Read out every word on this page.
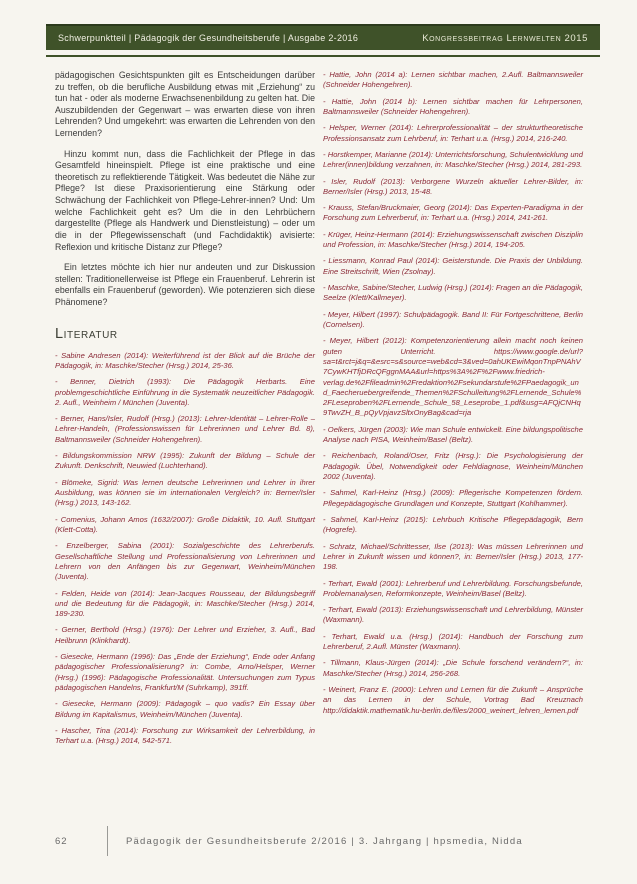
Schwerpunktteil | Pädagogik der Gesundheitsberufe | Ausgabe 2-2016	Kongressbeitrag Lernwelten 2015
pädagogischen Gesichtspunkten gilt es Entscheidungen darüber zu treffen, ob die berufliche Ausbildung etwas mit „Erziehung“ zu tun hat - oder als moderne Erwachsenenbildung zu gelten hat. Die Auszubildenden der Gegenwart – was erwarten diese von ihren Lehrenden? Und umgekehrt: was erwarten die Lehrenden von den Lernenden?
Hinzu kommt nun, dass die Fachlichkeit der Pflege in das Gesamtfeld hineinspielt. Pflege ist eine praktische und eine theoretisch zu reflektierende Tätigkeit. Was bedeutet die Nähe zur Pflege? Ist diese Praxisorientierung eine Stärkung oder Schwächung der Fachlichkeit von Pflege-Lehrer-innen? Und: Um welche Fachlichkeit geht es? Um die in den Lehrbüchern dargestellte (Pflege als Handwerk und Dienstleistung) – oder um die in der Pflegewissenschaft (und Fachdidaktik) avisierte: Reflexion und kritische Distanz zur Pflege?
Ein letztes möchte ich hier nur andeuten und zur Diskussion stellen: Traditionellerweise ist Pflege ein Frauenberuf. Lehrerin ist ebenfalls ein Frauenberuf (geworden). Wie potenzieren sich diese Phänomene?
Literatur
- Sabine Andresen (2014): Weiterführend ist der Blick auf die Brüche der Pädagogik, in: Maschke/Stecher (Hrsg.) 2014, 25-36.
- Benner, Dietrich (1993): Die Pädagogik Herbarts. Eine problemgeschichtliche Einführung in die Systematik neuzeitlicher Pädagogik. 2. Aufl., Weinheim / München (Juventa).
- Berner, Hans/Isler, Rudolf (Hrsg.) (2013): Lehrer-Identität – Lehrer-Rolle – Lehrer-Handeln, (Professionswissen für Lehrerinnen und Lehrer Bd. 8), Baltmannsweiler (Schneider Hohengehren).
- Bildungskommission NRW (1995): Zukunft der Bildung – Schule der Zukunft. Denkschrift, Neuwied (Luchterhand).
- Blömeke, Sigrid: Was lernen deutsche Lehrerinnen und Lehrer in ihrer Ausbildung, was können sie im internationalen Vergleich? in: Berner/Isler (Hrsg.) 2013, 143-162.
- Comenius, Johann Amos (1632/2007): Große Didaktik, 10. Aufl. Stuttgart (Klett-Cotta).
- Enzelberger, Sabina (2001): Sozialgeschichte des Lehrerberufs. Gesellschaftliche Stellung und Professionalisierung von Lehrerinnen und Lehrern von den Anfängen bis zur Gegenwart, Weinheim/München (Juventa).
- Felden, Heide von (2014): Jean-Jacques Rousseau, der Bildungsbegriff und die Bedeutung für die Pädagogik, in: Maschke/Stecher (Hrsg.) 2014, 189-230.
- Gerner, Berthold (Hrsg.) (1976): Der Lehrer und Erzieher, 3. Aufl., Bad Heilbrunn (Klinkhardt).
- Giesecke, Hermann (1996): Das „Ende der Erziehung“, Ende oder Anfang pädagogischer Professionalisierung? in: Combe, Arno/Helsper, Werner (Hrsg.) (1996): Pädagogische Professionalität. Untersuchungen zum Typus pädagogischen Handelns, Frankfurt/M (Suhrkamp), 391ff.
- Giesecke, Hermann (2009): Pädagogik – quo vadis? Ein Essay über Bildung im Kapitalismus, Weinheim/München (Juventa).
- Hascher, Tina (2014): Forschung zur Wirksamkeit der Lehrerbildung, in Terhart u.a. (Hrsg.) 2014, 542-571.
- Hattie, John (2014 a): Lernen sichtbar machen, 2.Aufl. Baltmannsweiler (Schneider Hohengehren).
- Hattie, John (2014 b): Lernen sichtbar machen für Lehrpersonen, Baltmannsweiler (Schneider Hohengehren).
- Helsper, Werner (2014): Lehrerprofessionalität – der strukturtheoretische Professionsansatz zum Lehrberuf, in: Terhart u.a. (Hrsg.) 2014, 216-240.
- Horstkemper, Marianne (2014): Unterrichtsforschung, Schulentwicklung und Lehrer(innen)bildung verzahnen, in: Maschke/Stecher (Hrsg.) 2014, 281-293.
- Isler, Rudolf (2013): Verborgene Wurzeln aktueller Lehrer-Bilder, in: Berner/Isler (Hrsg.) 2013, 15-48.
- Krauss, Stefan/Bruckmaier, Georg (2014): Das Experten-Paradigma in der Forschung zum Lehrerberuf, in: Terhart u.a. (Hrsg.) 2014, 241-261.
- Krüger, Heinz-Hermann (2014): Erziehungswissenschaft zwischen Disziplin und Profession, in: Maschke/Stecher (Hrsg.) 2014, 194-205.
- Liessmann, Konrad Paul (2014): Geisterstunde. Die Praxis der Unbildung. Eine Streitschrift, Wien (Zsolnay).
- Maschke, Sabine/Stecher, Ludwig (Hrsg.) (2014): Fragen an die Pädagogik, Seelze (Klett/Kallmeyer).
- Meyer, Hilbert (1997): Schulpädagogik. Band II: Für Fortgeschrittene, Berlin (Cornelsen).
- Meyer, Hilbert (2012): Kompetenzorientierung allein macht noch keinen guten Unterricht. https://www.google.de/url?sa=t&rct=j&q=&esrc=s&source=web&cd=3&ved=0ahUKEwiMqonTnpPNAhV7CywKHTfjDRcQFggnMAA&url=https%3A%2F%2Fwww.friedrich-verlag.de%2Ffileadmin%2Fredaktion%2Fsekundarstufe%2FPaedagogik_und_Faecheruebergreifende_Themen%2FSchulleitung%2FLernende_Schule%2FLeseproben%2FLernende_Schule_58_Leseprobe_1.pdf&usg=AFQjCNHq9TwvZH_B_pQyVpjavzSltxOnyBag&cad=rja
- Oelkers, Jürgen (2003): Wie man Schule entwickelt. Eine bildungspolitische Analyse nach PISA, Weinheim/Basel (Beltz).
- Reichenbach, Roland/Oser, Fritz (Hrsg.): Die Psychologisierung der Pädagogik. Übel, Notwendigkeit oder Fehldiagnose, Weinheim/München 2002 (Juventa).
- Sahmel, Karl-Heinz (Hrsg.) (2009): Pflegerische Kompetenzen fördern. Pflegepädagogische Grundlagen und Konzepte, Stuttgart (Kohlhammer).
- Sahmel, Karl-Heinz (2015): Lehrbuch Kritische Pflegepädagogik, Bern (Hogrefe).
- Schratz, Michael/Schrittesser, Ilse (2013): Was müssen Lehrerinnen und Lehrer in Zukunft wissen und können?, in: Berner/Isler (Hrsg.) 2013, 177-198.
- Terhart, Ewald (2001): Lehrerberuf und Lehrerbildung. Forschungsbefunde, Problemanalysen, Reformkonzepte, Weinheim/Basel (Beltz).
- Terhart, Ewald (2013): Erziehungswissenschaft und Lehrerbildung, Münster (Waxmann).
- Terhart, Ewald u.a. (Hrsg.) (2014): Handbuch der Forschung zum Lehrerberuf, 2.Aufl. Münster (Waxmann).
- Tillmann, Klaus-Jürgen (2014): „Die Schule forschend verändern?“, in: Maschke/Stecher (Hrsg.) 2014, 256-268.
- Weinert, Franz E. (2000): Lehren und Lernen für die Zukunft – Ansprüche an das Lernen in der Schule, Vortrag Bad Kreuznach http://didaktik.mathematik.hu-berlin.de/files/2000_weinert_lehren_lernen.pdf
62	Pädagogik der Gesundheitsberufe 2/2016 | 3. Jahrgang | hpsmedia, Nidda
